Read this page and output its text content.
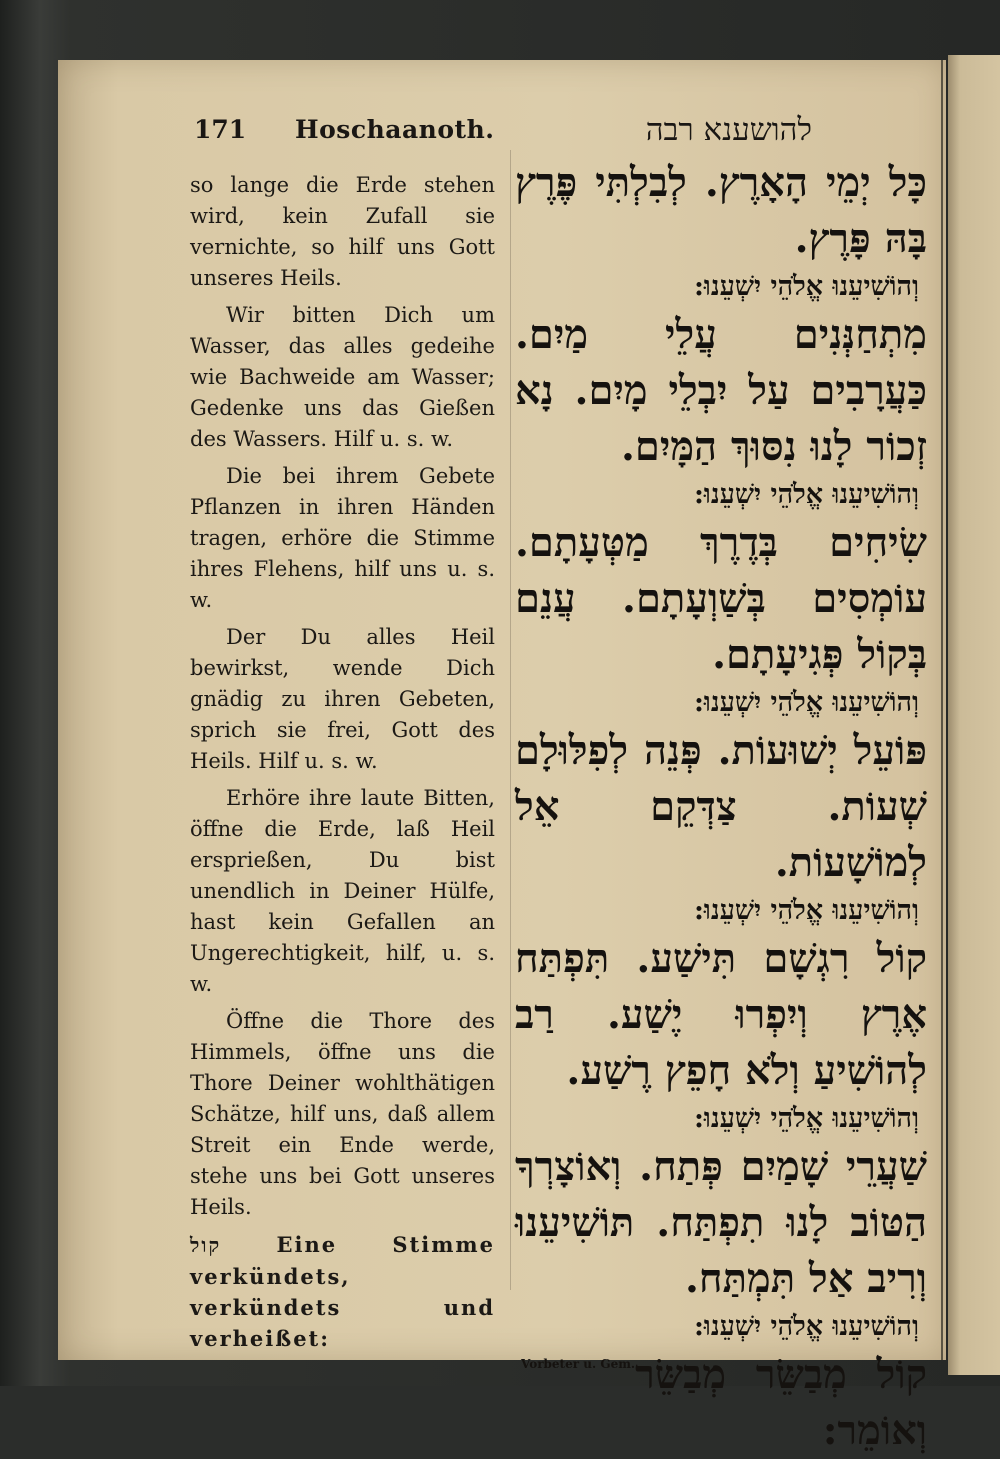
171 Hoschaanoth.	להושענא רבה

so lange die Erde stehen wird, kein Zufall sie vernichte, so hilf uns Gott unseres Heils.

Wir bitten Dich um Wasser, das alles gedeihe wie Bachweide am Wasser; Gedenke uns das Gießen des Wassers. Hilf u. s. w.

Die bei ihrem Gebete Pflanzen in ihren Händen tragen, erhöre die Stimme ihres Flehens, hilf uns u. s. w.

Der Du alles Heil bewirkst, wende Dich gnädig zu ihren Gebeten, sprich sie frei, Gott des Heils. Hilf u. s. w.

Erhöre ihre laute Bitten, öffne die Erde, laß Heil ersprießen, Du bist unendlich in Deiner Hülfe, hast kein Gefallen an Ungerechtigkeit, hilf, u. s. w.

Öffne die Thore des Himmels, öffne uns die Thore Deiner wohlthätigen Schätze, hilf uns, daß allem Streit ein Ende werde, stehe uns bei Gott unseres Heils.

קול	Eine Stimme verkündets, verkündets und verheißet:

כָּל יְמֵי הָאָרֶץ. לְבִלְתִּי פֶּרֶץ בָּהּ פָּרֶץ.

וְהוֹשִׁיעֵנוּ אֱלֹהֵי יִשְׁעֵנוּ:

מִתְחַנְּנִים עֲלֵי מַיִם. כַּעֲרָבִים עַל יִבְלֵי מָיִם. נָא זְכוֹר לָנוּ נִסּוּךְ הַמָּיִם.

וְהוֹשִׁיעֵנוּ אֱלֹהֵי יִשְׁעֵנוּ:

שִׂיחִים בְּדֶרֶךְ מַטְּעָתָם. עוֹמְסִים בְּשַׁוְעָתָם. עֲנֵם בְּקוֹל פְּגִיעָתָם.

וְהוֹשִׁיעֵנוּ אֱלֹהֵי יִשְׁעֵנוּ:

פּוֹעֵל יְשׁוּעוֹת. פְּנֵה לְפִלּוּלָם שְׁעוֹת. צַדְּקֵם אֵל לְמוֹשָׁעוֹת.

וְהוֹשִׁיעֵנוּ אֱלֹהֵי יִשְׁעֵנוּ:

קוֹל רִגְשָׁם תִּישַׁע. תִּפְתַּח אֶרֶץ וְיִפְרוּ יֶשַׁע. רַב לְהוֹשִׁיעַ וְלֹא חָפֵץ רֶשַׁע.

וְהוֹשִׁיעֵנוּ אֱלֹהֵי יִשְׁעֵנוּ:

שַׁעֲרֵי שָׁמַיִם פְּתַח. וְאוֹצָרְךָ הַטּוֹב לָנוּ תִפְתַּח. תּוֹשִׁיעֵנוּ וְרִיב אַל תִּמְתַּח.

וְהוֹשִׁיעֵנוּ אֱלֹהֵי יִשְׁעֵנוּ:

Vorbeter u. Gem. קוֹל מְבַשֵּׂר מְבַשֵּׂר וְאוֹמֵר:
